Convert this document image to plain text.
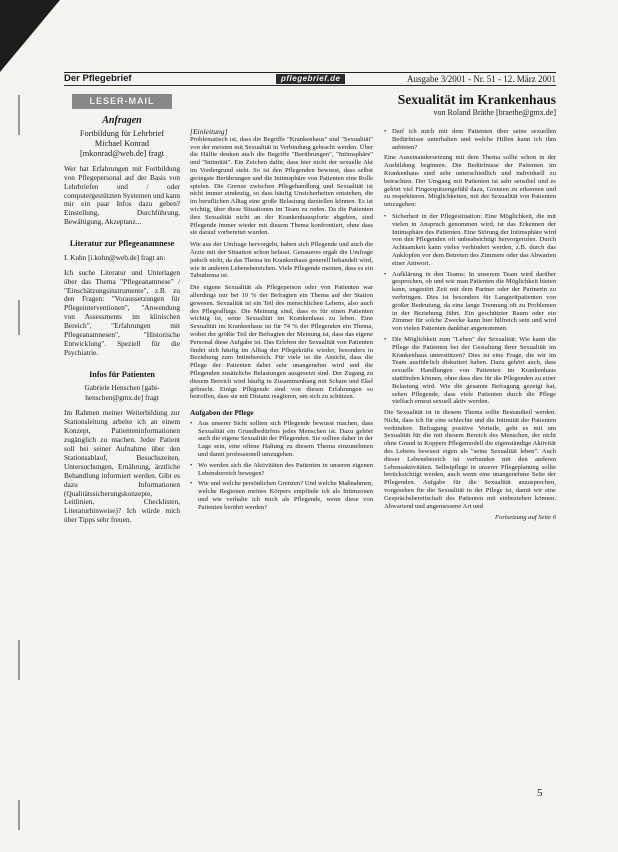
Der Pflegebrief	pflegebrief.de	Ausgabe 3/2001 - Nr. 51 - 12. März 2001
LESER-MAIL
Anfragen
Fortbildung für Lehrbrief
Michael Konrad
[mkonrad@web.de] fragt

Wer hat Erfahrungen mit Fortbildung von Pflegepersonal auf der Basis von Lehrbriefen und / oder computergestützten Systemen und kann mir ein paar Infos dazu geben? Einstellung, Durchführung, Bewältigung, Akzeptanz...

Literatur zur Pflegeanamnese
I. Kuhn [i.kuhn@web.de] fragt an:

Ich suche Literatur und Unterlagen über das Thema "Pflegeanamnese" / "Einschätzungsinstrumente", z.B. zu den Fragen: "Voraussetzungen für Pflegeinterventionen", "Anwendung von Assessments im klinischen Bereich", "Erfahrungen mit Pflegeanamnesen", "Historische Entwicklung". Speziell für die Psychiatrie.

Infos für Patienten
Gabriele Henschen [gabi-henschen@gmx.de] fragt

Im Rahmen meiner Weiterbildung zur Stationsleitung arbeite ich an einem Konzept, Patienteninformationen zugänglich zu machen. Jeder Patient soll bei seiner Aufnahme über den Stationsablauf, Besuchszeiten, Untersuchungen, Ernährung, ärztliche Behandlung informiert werden. Gibt es dazu Informationen (Qualitätssicherungskonzepte, Leitlinien, Checklisten, Literaturhinweise)? Ich würde mich über Tipps sehr freuen.

Sexualität im Krankenhaus
von Roland Bräthe [braethe@gmx.de]
[Einleitung]

Problematisch ist, dass die Begriffe "Krankenhaus" und "Sexualität" von der meisten mit Sexualität in Verbindung gebracht werden. Über die Hälfte denken auch die Begriffe "Berührungen", "Intimsphäre" und "Intimität". Ein Zeichen dafür, dass hier nicht der sexuelle Akt im Vordergrund steht. So ist den Pflegenden bewusst, dass selbst geringste Berührungen und die Intimsphäre von Patienten eine Rolle spielen. Die Grenze zwischen Pflegehandlung und Sexualität ist nicht immer eindeutig, so dass häufig Unsicherheiten entstehen, die im beruflichen Alltag eine große Belastung darstellen können. Es ist wichtig, über diese Situationen im Team zu reden. Da die Patienten ihre Sexualität nicht an der Krankenhauspforte abgeben, sind Pflegende immer wieder mit diesem Thema konfrontiert, ohne dass sie darauf vorbereitet wurden.

Wie aus der Umfrage hervorgeht, haben sich Pflegende und auch die Ärzte mit der Situation schon befasst. Genaueres ergab die Umfrage jedoch nicht, da das Thema im Krankenhaus generell behandelt wird, wie in anderen Lebensbereichen. Viele Pflegende meinen, dass es ein Tabuthema ist.

Die eigene Sexualität als Pflegeperson oder von Patienten war allerdings nur bei 10 % der Befragten ein Thema auf der Station gewesen. Sexualität ist ein Teil des menschlichen Lebens, also auch des Pflegealltags. Die Meinung sind, dass es für einen Patienten wichtig ist, seine Sexualität im Krankenhaus zu leben. Eine Sexualität im Krankenhaus ist für 74 % der Pflegenden ein Thema, wobei der größte Teil der Befragten der Meinung ist, dass das eigene Personal diese Aufgabe ist. Das Erleben der Sexualität von Patienten findet sich häufig im Alltag der Pflegekräfte wieder, besonders in Beziehung zum Intimbereich. Für viele ist die Ansicht, dass die Pflege der Patienten dabei sehr unangenehm wird und die Pflegenden zusätzliche Belastungen ausgesetzt sind. Der Zugang zu diesem Bereich wird häufig in Zusammenhang mit Scham und Ekel gebracht. Einige Pflegende sind von diesen Erfahrungen so betroffen, dass sie mit Distanz reagieren, um sich zu schützen.

Aufgaben der Pflege
• Aus unserer Sicht sollten sich Pflegende bewusst machen, dass Sexualität ein Grundbedürfnis jedes Menschen ist. Dazu gehört auch die eigene Sexualität der Pflegenden. Sie sollten daher in der Lage sein, eine offene Haltung zu diesem Thema einzunehmen und damit professionell umzugehen.
• Wo werden sich die Aktivitäten des Patienten in unseren eigenen Lebensbereich bewegen?
• Wie und welche persönlichen Grenzen? Und welche Maßnahmen, welche Regionen meines Körpers empfinde ich als Intimzonen und wie verhalte ich mich als Pflegende, wenn diese von Patienten berührt werden?
• Darf ich mich mit dem Patienten über seine sexuellen Bedürfnisse unterhalten und welche Hilfen kann ich ihm anbieten?

Eine Auseinandersetzung mit dem Thema sollte schon in der Ausbildung beginnen. Die Bedürfnisse der Patienten im Krankenhaus sind sehr unterschiedlich und individuell zu betrachten. Der Umgang mit Patienten ist sehr sensibel und es gehört viel Fingerspitzengefühl dazu, Grenzen zu erkennen und zu respektieren. Möglichkeiten, mit der Sexualität von Patienten umzugehen:

• Sicherheit in der Pflegesituation: Eine Möglichkeit, die mit vielen in Anspruch genommen wird, ist das Erkennen der Intimsphäre des Patienten. Eine Störung der Intimsphäre wird von den Pflegenden oft unbeabsichtigt hervorgerufen. Durch Achtsamkeit kann vieles verhindert werden, z.B. durch das Anklopfen vor dem Betreten des Zimmers oder das Abwarten einer Antwort.
• Aufklärung in den Teams: In unserem Team wird darüber gesprochen, ob und wie man Patienten die Möglichkeit bieten kann, ungestört Zeit mit dem Partner oder der Partnerin zu verbringen. Dies ist besonders für Langzeitpatienten von großer Bedeutung, da eine lange Trennung oft zu Problemen in der Beziehung führt. Ein geschützter Raum oder ein Zimmer für solche Zwecke kann hier hilfreich sein und wird von vielen Patienten dankbar angenommen.
• Die Möglichkeit zum "Leben" der Sexualität: Wie kann die Pflege die Patienten bei der Gestaltung ihrer Sexualität im Krankenhaus unterstützen? Dies ist eine Frage, die wir im Team ausführlich diskutiert haben. Dazu gehört auch, dass sexuelle Handlungen von Patienten im Krankenhaus stattfinden können, ohne dass dies für die Pflegenden zu einer Belastung wird. Wie die gesamte Befragung gezeigt hat, sehen Pflegende, dass viele Patienten durch die Pflege vielfach erneut sexuell aktiv werden.

Die Sexualität ist in diesem Thema sollte Bestandteil werden. Nicht, dass ich für eine schlechte und die Intimität der Patienten verhindere. Befragung positive Vorteile, geht es mit um Sexualität für die mit diesem Bereich des Menschen, der nicht ohne Grund in Koppers Pflegemodell die eigenständige Aktivität des Lebens bewusst eigen als "seine Sexualität leben". Auch dieser Lebensbereich ist verbunden mit den anderen Lebensaktivitäten. Selbstpflege in unserer Pflegeplanung sollte berücksichtigt werden, auch wenn eine unangenehme Seite der Pflegenden. Aufgabe für die Sexualität anzusprechen, vorgesehen für die Sexualität in der Pflege ist, damit wir eine Gesprächsbereitschaft des Patienten mit einbeziehen können. Abwartend und angemessene Art und

Fortsetzung auf Seite 6
5
